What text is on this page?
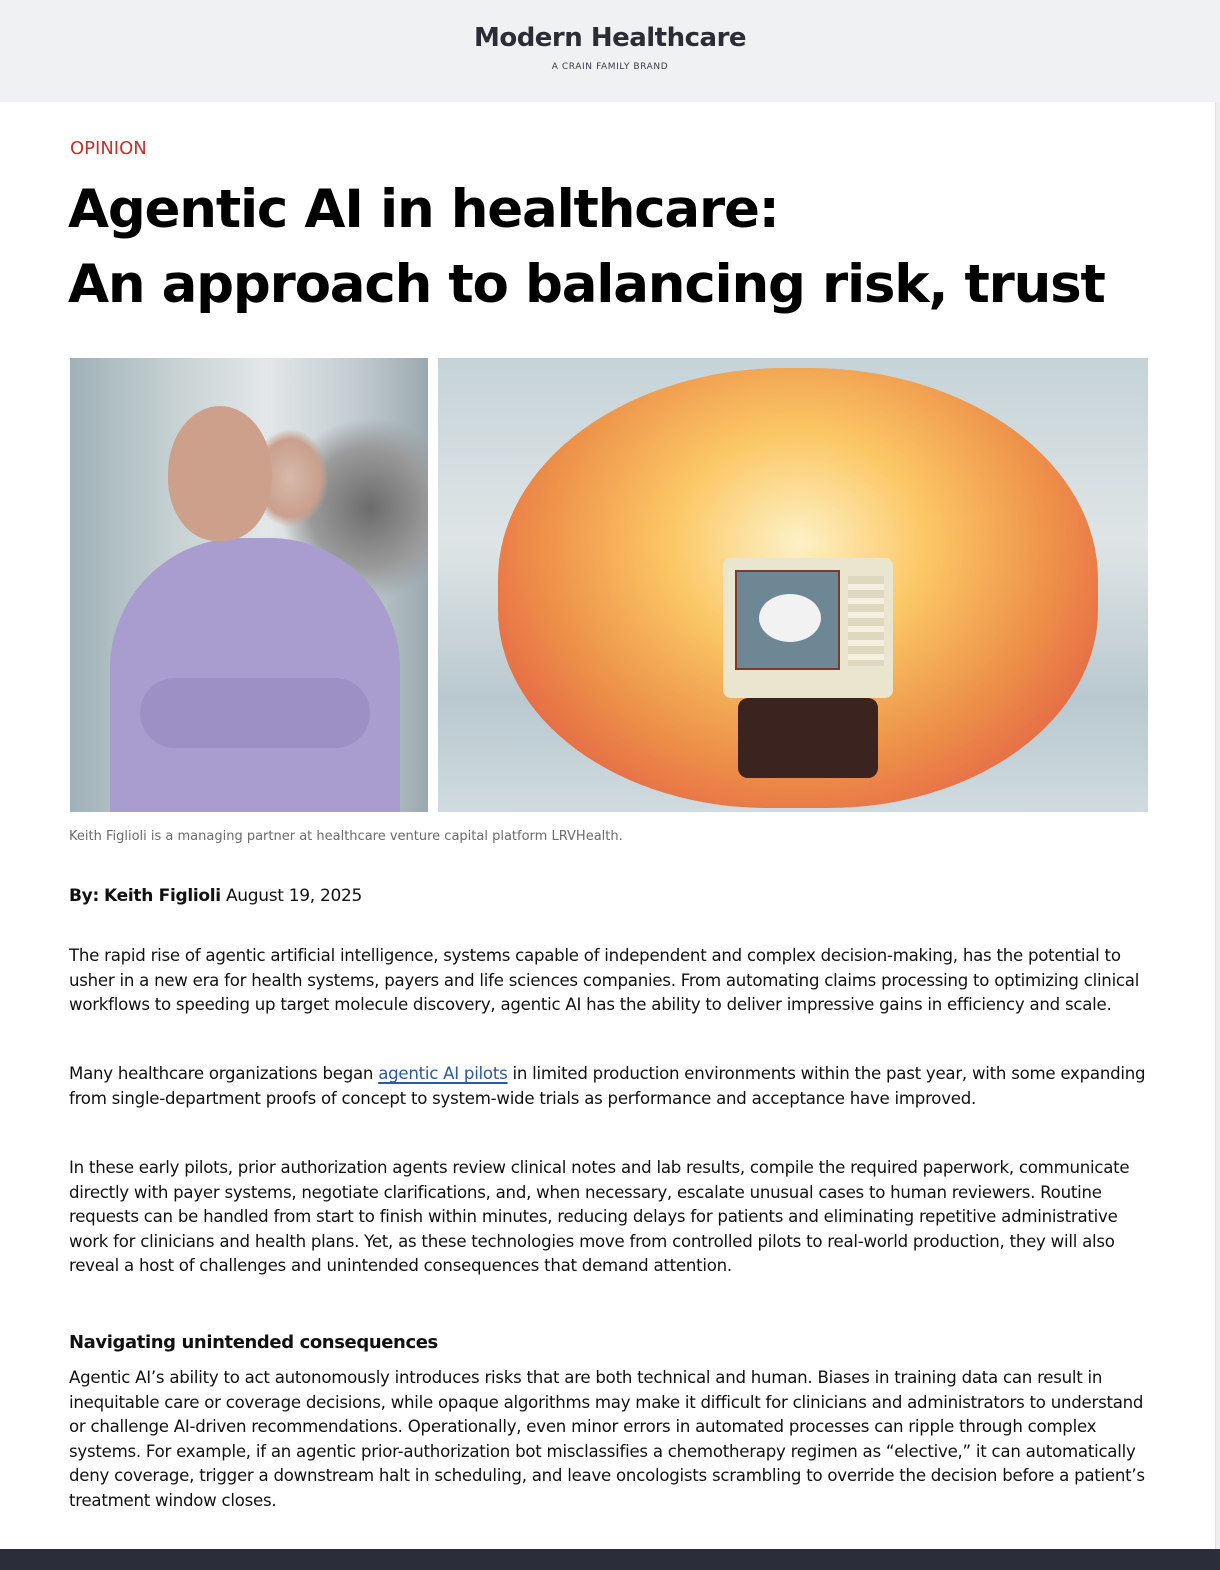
Modern Healthcare
A CRAIN FAMILY BRAND
OPINION
Agentic AI in healthcare:
An approach to balancing risk, trust
Keith Figlioli is a managing partner at healthcare venture capital platform LRVHealth.
By: Keith Figlioli August 19, 2025

The rapid rise of agentic artificial intelligence, systems capable of independent and complex decision-making, has the potential to usher in a new era for health systems, payers and life sciences companies. From automating claims processing to optimizing clinical workflows to speeding up target molecule discovery, agentic AI has the ability to deliver impressive gains in efficiency and scale.

Many healthcare organizations began agentic AI pilots in limited production environments within the past year, with some expanding from single-department proofs of concept to system-wide trials as performance and acceptance have improved.

In these early pilots, prior authorization agents review clinical notes and lab results, compile the required paperwork, communicate directly with payer systems, negotiate clarifications, and, when necessary, escalate unusual cases to human reviewers. Routine requests can be handled from start to finish within minutes, reducing delays for patients and eliminating repetitive administrative work for clinicians and health plans. Yet, as these technologies move from controlled pilots to real-world production, they will also reveal a host of challenges and unintended consequences that demand attention.

Navigating unintended consequences

Agentic AI’s ability to act autonomously introduces risks that are both technical and human. Biases in training data can result in inequitable care or coverage decisions, while opaque algorithms may make it difficult for clinicians and administrators to understand or challenge AI-driven recommendations. Operationally, even minor errors in automated processes can ripple through complex systems. For example, if an agentic prior-authorization bot misclassifies a chemotherapy regimen as “elective,” it can automatically deny coverage, trigger a downstream halt in scheduling, and leave oncologists scrambling to override the decision before a patient’s treatment window closes.
